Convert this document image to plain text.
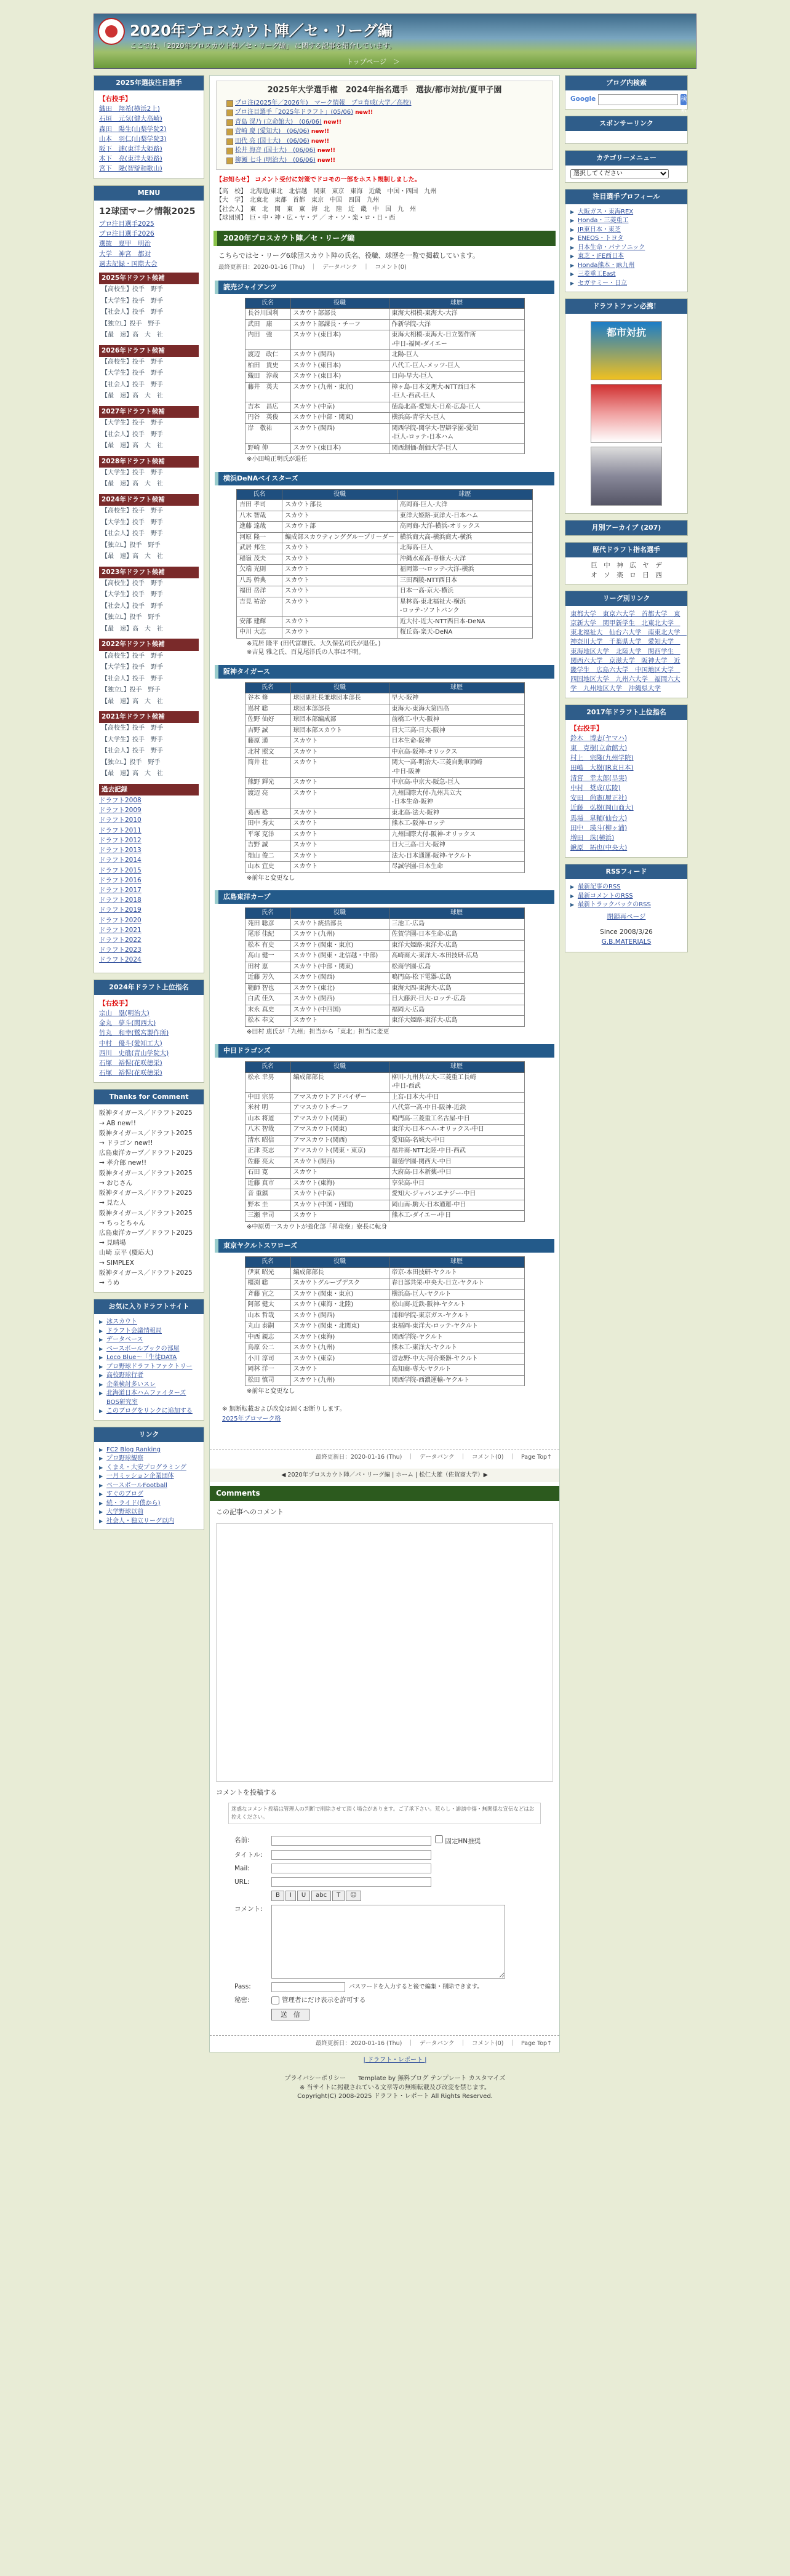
2020年プロスカウト陣／セ・リーグ編
ここでは、「2020年プロスカウト陣／セ・リーグ編」 に関する記事を紹介しています。
トップページ　＞　
2025年選抜注目選手

【右投手】

織田　翔希(横浜2上)

石垣　元気(健大高崎)

森田　陽生(山梨学院2)

山本　羽仁(山梨学院3)

阪下　漣(東洋大姫路)

木下　亮(東洋大姫路)

宮下　隆(智辯和歌山)

MENU
12球団マーク情報2025

プロ注目選手2025

プロ注目選手2026

選抜　夏甲　明治

大学　神宮　都対

過去記録・国際大会

2025年ドラフト候補
【高校生】投手　野手
【大学生】投手　野手
【社会人】投手　野手
【独立L】投手　野手
【最　速】高　大　社
2026年ドラフト候補
【高校生】投手　野手
【大学生】投手　野手
【社会人】投手　野手
【最　速】高　大　社
2027年ドラフト候補
【大学生】投手　野手
【社会人】投手　野手
【最　速】高　大　社
2028年ドラフト候補
【大学生】投手　野手
【最　速】高　大　社
2024年ドラフト候補
【高校生】投手　野手
【大学生】投手　野手
【社会人】投手　野手
【独立L】投手　野手
【最　速】高　大　社
2023年ドラフト候補
【高校生】投手　野手
【大学生】投手　野手
【社会人】投手　野手
【独立L】投手　野手
【最　速】高　大　社
2022年ドラフト候補
【高校生】投手　野手
【大学生】投手　野手
【社会人】投手　野手
【独立L】投手　野手
【最　速】高　大　社
2021年ドラフト候補
【高校生】投手　野手
【大学生】投手　野手
【社会人】投手　野手
【独立L】投手　野手
【最　速】高　大　社
過去記録

ドラフト2008

ドラフト2009

ドラフト2010

ドラフト2011

ドラフト2012

ドラフト2013

ドラフト2014

ドラフト2015

ドラフト2016

ドラフト2017

ドラフト2018

ドラフト2019

ドラフト2020

ドラフト2021

ドラフト2022

ドラフト2023

ドラフト2024

2024年ドラフト上位指名

【右投手】

宗山　塁(明治大)

金丸　夢斗(関西大)

竹丸　和幸(鷺宮製作所)

中村　優斗(愛知工大)

西川　史礁(青山学院大)

石塚　裕惺(花咲徳栄)

石塚　裕惺(花咲徳栄)

Thanks for Comment

阪神タイガース／ドラフト2025

→ AB new!!

阪神タイガース／ドラフト2025

→ ドラゴン new!!

広島東洋カープ／ドラフト2025

→ 孝介郎 new!!

阪神タイガース／ドラフト2025

→ おじさん

阪神タイガース／ドラフト2025

→ 見た人

阪神タイガース／ドラフト2025

→ ちっとちゃん

広島東洋カープ／ドラフト2025

→ 見晴場

山崎 京平 (慶応大)

→ SIMPLEX

阪神タイガース／ドラフト2025

→ うめ

お気に入りドラフトサイト
▶ 冰スカウト
▶ ドラフト会議情報局
▶ データベース
▶ ベースボールブックの部屋
▶ Loco Blue〜「生徒DATA
▶ プロ野球ドラフトファクトリー
▶ 高校野球行者
▶ 企業検討多いスレ
▶ 北海道日本ハムファイターズBOS研究室
▶ このブログをリンクに追加する
リンク
▶ FC2 Blog Ranking
▶ プロ野球観察
▶ くまえ・大安プログラミング
▶ 一月ミッション企業団体
▶ ベースボールFootball
▶ すぐのブログ
▶ 続・ライド(僕から)
▶ 大学野球以前
▶ 社会人・独立リーグ以内
2025年大学選手権　2024年指名選手　選抜/都市対抗/夏甲子園
プロ注(2025年／2026年)　マーク情報　プロ育成(大学／高校)
プロ注目選手「2025年ドラフト」(05/06) new!!
青島 滉乃 (立命館大)　(06/06) new!!
菅崎 慶 (愛知大)　(06/06) new!!
田代 亮 (国士大)　(06/06) new!!
松井 海音 (国士大)　(06/06) new!!
柳瀬 七斗 (明治大)　(06/06) new!!
【お知らせ】 コメント受付に対策でドコモの一部をホスト規制しました。

【高　校】　北海道/東北　北信越　関東　東京　東海　近畿　中国・四国　九州

【大　学】　北東北　東都　首都　東京　中国　四国　九州

【社会人】　東　北　関　東　東　海　北　陸　近　畿　中　国　九　州

【球団別】　巨・中・神・広・ヤ・デ ／ オ・ソ・楽・ロ・日・西

2020年プロスカウト陣／セ・リーグ編
こちらではセ・リーグ6球団スカウト陣の氏名、役職、球歴を一覧で掲載しています。
最終更新日：2020-01-16 (Thu)　｜　データバンク　｜　コメント(0)
読売ジャイアンツ
氏名	役職	球歴
長谷川国利	スカウト部部長	東海大相模-東海大-大洋
武田　康	スカウト部課長・チーフ	作新学院-大洋
内田　強	スカウト(東日本)	東海大相模-東海大-日立製作所
-中日-福岡-ダイエー
渡辺　政仁	スカウト(関西)	北陽-巨人
柏田　貴史	スカウト(東日本)	八代工-巨人-メッツ-巨人
織田　淳哉	スカウト(東日本)	日向-早大-巨人
藤井　英夫	スカウト(九州・東京)	樟ヶ島-日本文理大-NTT西日本
-巨人-西武-巨人
吉本　昌広	スカウト(中京)	徳島北高-愛知大-日産-広島-巨人
円谷　英俊	スカウト(中部・関東)	横浜高-青学大-巨人
岸　敬祐	スカウト(関西)	関西学院-関学大-智辯学園-愛知
-巨人-ロッテ-日本ハム
野崎 伸	スカウト(東日本)	関西創価-創価大学-巨人
※小田崎正明氏が退任
横浜DeNAベイスターズ
氏名	役職	球歴
吉田 孝司	スカウト部長	高岡商-巨人-大洋
八木 智哉	スカウト	東洋大姫路-東洋大-日本ハム
進藤 達哉	スカウト部	高岡商-大洋-横浜-オリックス
河原 隆一	編成部スカウティンググループリーダー	横浜商大高-横浜商大-横浜
武居 邦生	スカウト	北海高-巨人
稲嶺 茂夫	スカウト	沖縄水産高-専修大-大洋
欠端 光則	スカウト	福岡第一-ロッテ-大洋-横浜
八馬 幹典	スカウト	三田西陵-NTT西日本
福田 岳洋	スカウト	日本一高-京大-横浜
吉見 祐治	スカウト	星林高-東北福祉大-横浜
-ロッテ-ソフトバンク
安部 建輝	スカウト	近大付-近大-NTT西日本-DeNA
中川 大志	スカウト	桜丘高-楽天-DeNA
※荒居 隆平 (田代富雄氏、大久保弘司氏が退任。)
※吉見 雅之氏、百見尾洋氏の人事は不明。
阪神タイガース
氏名	役職	球歴
谷本 修	球団副社長兼球団本部長	早大-阪神
嶌村 聡	球団本部部長	東海大-東海大第四高
佐野 仙好	球団本部編成部	前橋工-中大-阪神
吉野 誠	球団本部スカウト	日大三高-日大-阪神
藤原 通	スカウト	日本生命-阪神
北村 照文	スカウト	中京高-阪神-オリックス
筒井 壮	スカウト	関大一高-明治大-三菱自動車岡崎
-中日-阪神
熊野 輝光	スカウト	中京高-中京大-阪急-巨人
渡辺 亮	スカウト	九州国際大付-九州共立大
-日本生命-阪神
葛西 稔	スカウト	東北高-法大-阪神
田中 秀太	スカウト	熊本工-阪神-ロッテ
平塚 克洋	スカウト	九州国際大付-阪神-オリックス
吉野 誠	スカウト	日大三高-日大-阪神
畑山 俊二	スカウト	法大-日本通運-阪神-ヤクルト
山本 宜史	スカウト	尽誠学園-日本生命
※前年と変更なし
広島東洋カープ
氏名	役職	球歴
苑田 聡彦	スカウト統括部長	三池工-広島
尾形 佳紀	スカウト(九州)	佐賀学園-日本生命-広島
松本 有史	スカウト(関東・東京)	東洋大姫路-東洋大-広島
高山 健一	スカウト(関東・北信越・中部)	高崎商大-東洋大-本田技研-広島
田村 恵	スカウト(中部・関東)	松商学園-広島
近藤 芳久	スカウト(関西)	鳴門高-松下電器-広島
鞘師 智也	スカウト(東北)	東海大四-東海大-広島
白武 佳久	スカウト(関西)	日大藤沢-日大-ロッテ-広島
末永 真史	スカウト(中四国)	福岡大-広島
松本 奉文	スカウト	東洋大姫路-東洋大-広島
※田村 恵氏が「九州」担当から「東北」担当に変更
中日ドラゴンズ
氏名	役職	球歴
松永 幸男	編成部部長	柳川-九州共立大-三菱重工長崎
-中日-西武
中田 宗男	アマスカウトアドバイザー	上宮-日本大-中日
米村 明	アマスカウトチーフ	八代第一高-中日-阪神-近鉄
山本 将道	アマスカウト(関東)	鳴門高-三菱重工名古屋-中日
八木 智哉	アマスカウト(関東)	東洋大-日本ハム-オリックス-中日
清水 昭信	アマスカウト(関西)	愛知高-名城大-中日
正津 英志	アマスカウト(関東・東京)	福井商-NTT北陸-中日-西武
佐藤 亮太	スカウト(関西)	報徳学園-関西大-中日
石田 寛	スカウト	大府高-日本新薬-中日
近藤 真市	スカウト(東海)	享栄高-中日
音 重鎮	スカウト(中京)	愛知大-ジャパンエナジー-中日
野本 圭	スカウト(中国・四国)	岡山南-駒大-日本通運-中日
三瀬 幸司	スカウト	熊本工-ダイエー-中日
※中原勇一スカウトが強化部「昇竜寮」寮長に転身
東京ヤクルトスワローズ
氏名	役職	球歴
伊東 昭光	編成部部長	帝京-本田技研-ヤクルト
橿渕 聡	スカウトグループデスク	春日部共栄-中央大-日立-ヤクルト
斉藤 宜之	スカウト(関東・東京)	横浜高-巨人-ヤクルト
阿部 健太	スカウト(東海・北陸)	松山商-近鉄-阪神-ヤクルト
山本 哲哉	スカウト(関西)	浦和学院-東京ガス-ヤクルト
丸山 泰嗣	スカウト(関東・北関東)	東福岡-東洋大-ロッテ-ヤクルト
中西 親志	スカウト(東海)	関西学院-ヤクルト
鳥原 公二	スカウト(九州)	熊本工-東洋大-ヤクルト
小川 淳司	スカウト(東京)	習志野-中大-河合楽器-ヤクルト
岡林 洋一	スカウト	高知商-専大-ヤクルト
松田 慎司	スカウト(九州)	関西学院-西濃運輸-ヤクルト
※前年と変更なし
※ 無断転載および改変は固くお断りします。
2025年プロマーク格
最終更新日：2020-01-16 (Thu)　｜　データバンク　｜　コメント(0)　｜　Page Top↑
◀ 2020年プロスカウト陣／パ・リーグ編 | ホーム | 松仁大雄（佐賀商大学）▶
Comments
この記事へのコメント
コメントを投稿する
迷惑なコメント投稿は管理人の判断で削除させて頂く場合があります。ご了承下さい。荒らし・誹謗中傷・無関係な宣伝などはお控えください。
名前:	固定HN推奨
タイトル:
Mail:
URL:
B	I	U	abc	T	☺
コメント:
Pass:	パスワードを入力すると後で編集・削除できます。
秘密:	管理者にだけ表示を許可する
送　信
最終更新日：2020-01-16 (Thu)　｜　データバンク　｜　コメント(0)　｜　Page Top↑
ブログ内検索
Google	検索
スポンサーリンク
カテゴリーメニュー
選択してください
注目選手プロフィール
▶ 大阪ガス・東海REX
▶ Honda・三菱重工
▶ JR東日本・東芝
▶ ENEOS・トヨタ
▶ 日本生命・パナソニック
▶ 東芝・JFE西日本
▶ Honda熊本・JR九州
▶ 三菱重工East
▶ セガサミー・日立
ドラフトファン必携！
都市対抗
月別アーカイブ (207)
歴代ドラフト指名選手
巨　中　神　広　ヤ　デ
オ　ソ　楽　ロ　日　西
リーグ別リンク
東都大学　東京六大学　首都大学　東京新大学　関甲新学生　北東北大学　東北福祉大　仙台六大学　南東北大学　神奈川大学　千葉県大学　愛知大学　東海地区大学　北陸大学　関西学生　関西六大学　京滋大学　阪神大学　近畿学生　広島六大学　中国地区大学　四国地区大学　九州六大学　福岡六大学　九州地区大学　沖縄県大学
2017年ドラフト上位指名

【右投手】

鈴木　博志(ヤマハ)

東　克樹(立命館大)

村上　宗隆(九州学院)

田嶋　大樹(JR東日本)

清宮　幸太郎(早実)

中村　奨成(広陵)

安田　尚憲(履正社)

近藤　弘樹(岡山商大)

馬場　皐輔(仙台大)

田中　瑛斗(柳ヶ浦)

増田　珠(横浜)

鍬原　拓也(中央大)

RSSフィード
▶ 最新記事のRSS
▶ 最新コメントのRSS
▶ 最新トラックバックのRSS

閉鎖再ページ

Since 2008/3/26

G.B.MATERIALS

| ドラフト・レポート |

プライバシーポリシー　　Template by 無料ブログ テンプレート カスタマイズ

※ 当サイトに掲載されている文章等の無断転載及び改変を禁じます。

Copyright(C) 2008-2025 ドラフト・レポート All Rights Reserved.
